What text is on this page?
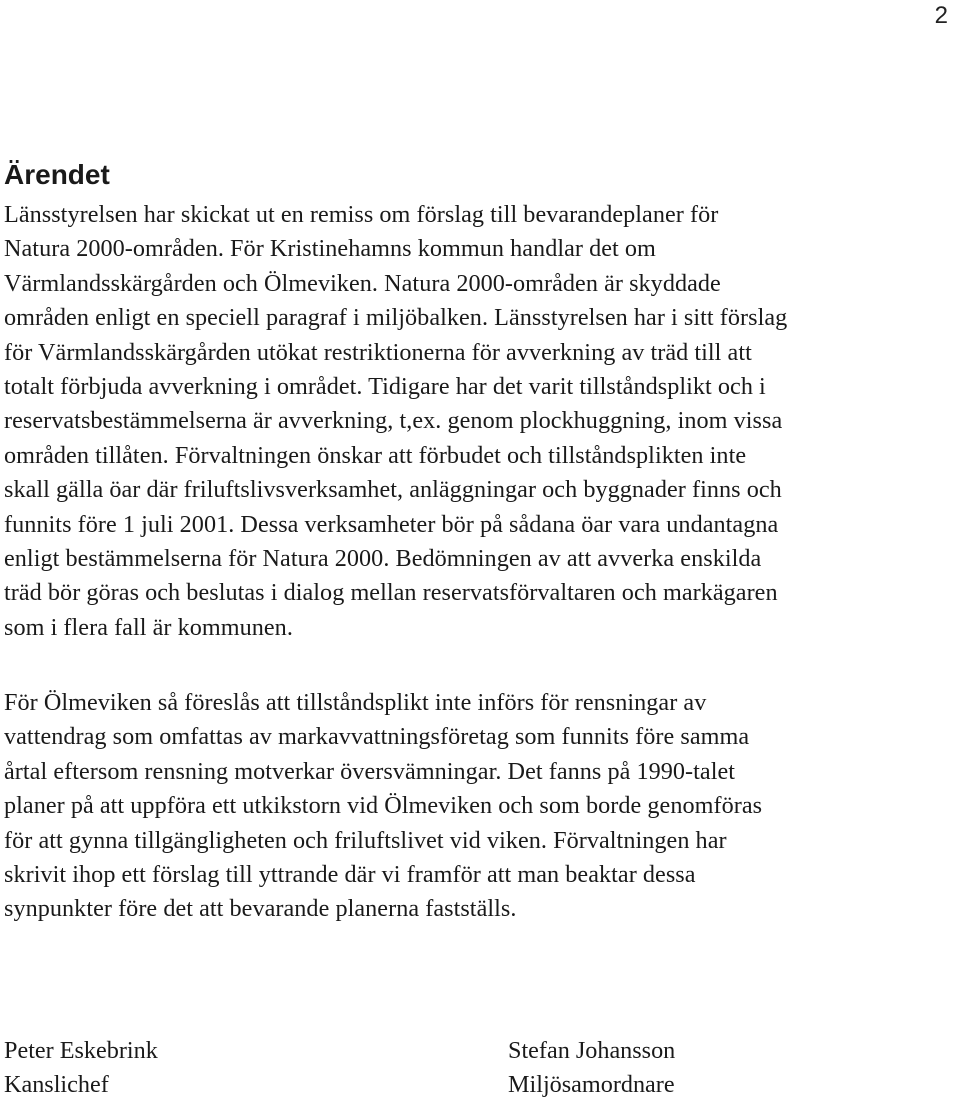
2
Ärendet

Länsstyrelsen har skickat ut en remiss om förslag till bevarandeplaner för
Natura 2000-områden. För Kristinehamns kommun handlar det om
Värmlandsskärgården och Ölmeviken. Natura 2000-områden är skyddade
områden enligt en speciell paragraf i miljöbalken. Länsstyrelsen har i sitt förslag
för Värmlandsskärgården utökat restriktionerna för avverkning av träd till att
totalt förbjuda avverkning i området. Tidigare har det varit tillståndsplikt och i
reservatsbestämmelserna är avverkning, t,ex. genom plockhuggning, inom vissa
områden tillåten. Förvaltningen önskar att förbudet och tillståndsplikten inte
skall gälla öar där friluftslivsverksamhet, anläggningar och byggnader finns och
funnits före 1 juli 2001. Dessa verksamheter bör på sådana öar vara undantagna
enligt bestämmelserna för Natura 2000. Bedömningen av att avverka enskilda
träd bör göras och beslutas i dialog mellan reservatsförvaltaren och markägaren
som i flera fall är kommunen.

För Ölmeviken så föreslås att tillståndsplikt inte införs för rensningar av
vattendrag som omfattas av markavvattningsföretag som funnits före samma
årtal eftersom rensning motverkar översvämningar. Det fanns på 1990-talet
planer på att uppföra ett utkikstorn vid Ölmeviken och som borde genomföras
för att gynna tillgängligheten och friluftslivet vid viken. Förvaltningen har
skrivit ihop ett förslag till yttrande där vi framför att man beaktar dessa
synpunkter före det att bevarande planerna fastställs.

Peter Eskebrink
Kanslichef
Stefan Johansson
Miljösamordnare
